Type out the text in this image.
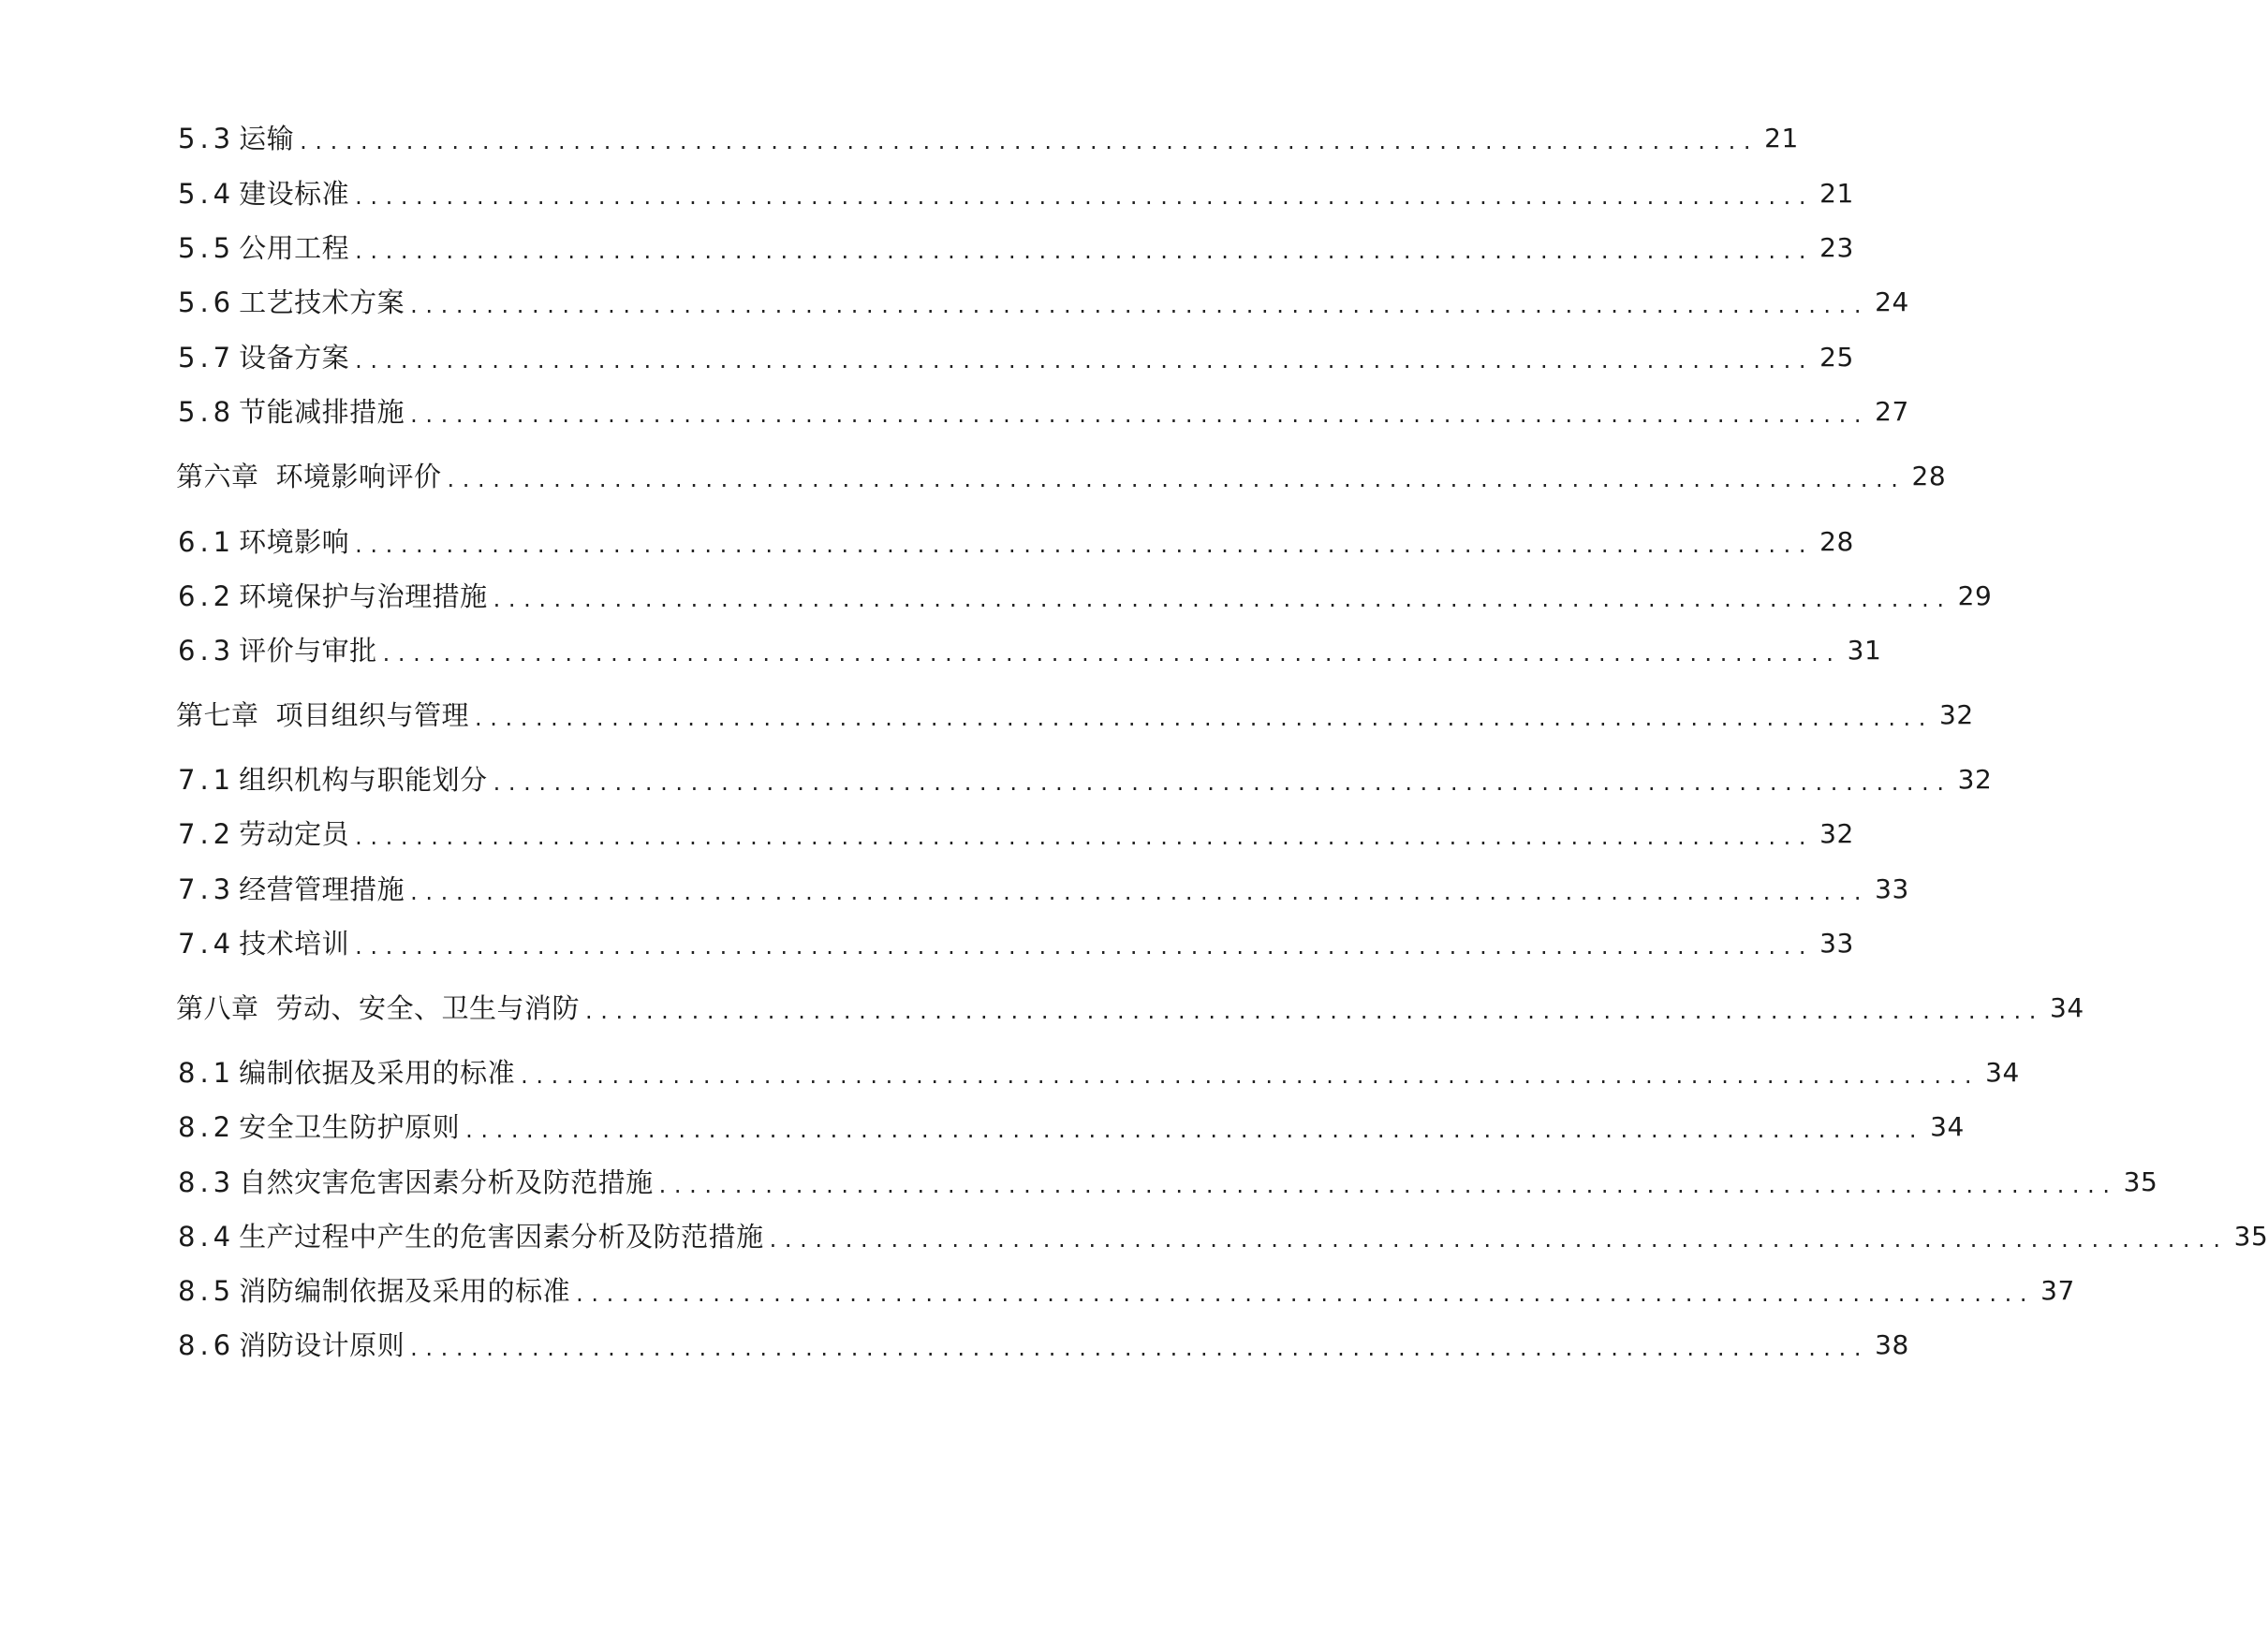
5.3 运输 ................................................................................................ 21
5.4 建设标准 ................................................................................................ 21
5.5 公用工程 ................................................................................................ 23
5.6 工艺技术方案 ................................................................................................ 24
5.7 设备方案 ................................................................................................ 25
5.8 节能减排措施 ................................................................................................ 27
第六章 环境影响评价 ................................................................................................ 28
6.1 环境影响 ................................................................................................ 28
6.2 环境保护与治理措施 ................................................................................................ 29
6.3 评价与审批 ................................................................................................ 31
第七章 项目组织与管理 ................................................................................................ 32
7.1 组织机构与职能划分 ................................................................................................ 32
7.2 劳动定员 ................................................................................................ 32
7.3 经营管理措施 ................................................................................................ 33
7.4 技术培训 ................................................................................................ 33
第八章 劳动、安全、卫生与消防 ................................................................................................ 34
8.1 编制依据及采用的标准 ................................................................................................ 34
8.2 安全卫生防护原则 ................................................................................................ 34
8.3 自然灾害危害因素分析及防范措施 ................................................................................................ 35
8.4 生产过程中产生的危害因素分析及防范措施 ................................................................................................ 35
8.5 消防编制依据及采用的标准 ................................................................................................ 37
8.6 消防设计原则 ................................................................................................ 38
